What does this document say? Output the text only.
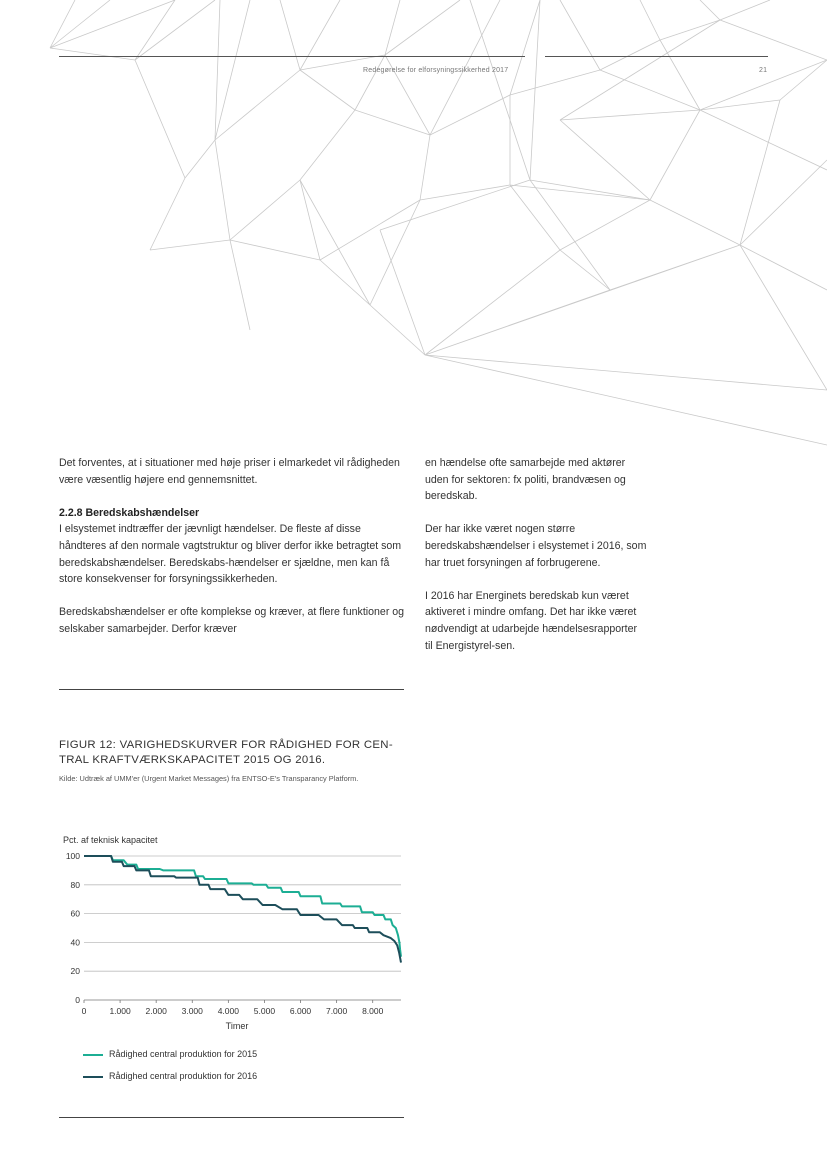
Redegørelse for elforsyningssikkerhed 2017	21

Det forventes, at i situationer med høje priser i elmarkedet vil rådigheden være væsentlig højere end gennemsnittet.

2.2.8 Beredskabshændelser

I elsystemet indtræffer der jævnligt hændelser. De fleste af disse håndteres af den normale vagtstruktur og bliver derfor ikke betragtet som beredskabshændelser. Beredskabs-hændelser er sjældne, men kan få store konsekvenser for forsyningssikkerheden.

Beredskabshændelser er ofte komplekse og kræver, at flere funktioner og selskaber samarbejder. Derfor kræver

en hændelse ofte samarbejde med aktører uden for sektoren: fx politi, brandvæsen og beredskab.

Der har ikke været nogen større beredskabshændelser i elsystemet i 2016, som har truet forsyningen af forbrugerene.

I 2016 har Energinets beredskab kun været aktiveret i mindre omfang. Det har ikke været nødvendigt at udarbejde hændelsesrapporter til Energistyrel-sen.

FIGUR 12: VARIGHEDSKURVER FOR RÅDIGHED FOR CEN-TRAL KRAFTVÆRKSKAPACITET 2015 OG 2016.
Kilde: Udtræk af UMM'er (Urgent Market Messages) fra ENTSO-E's Transparancy Platform.
Pct. af teknisk kapacitet
0
20
40
60
80
100
0	1.000 2.000 3.000 4.000 5.000 6.000 7.000 8.000
Timer
Rådighed central produktion for 2015
Rådighed central produktion for 2016
